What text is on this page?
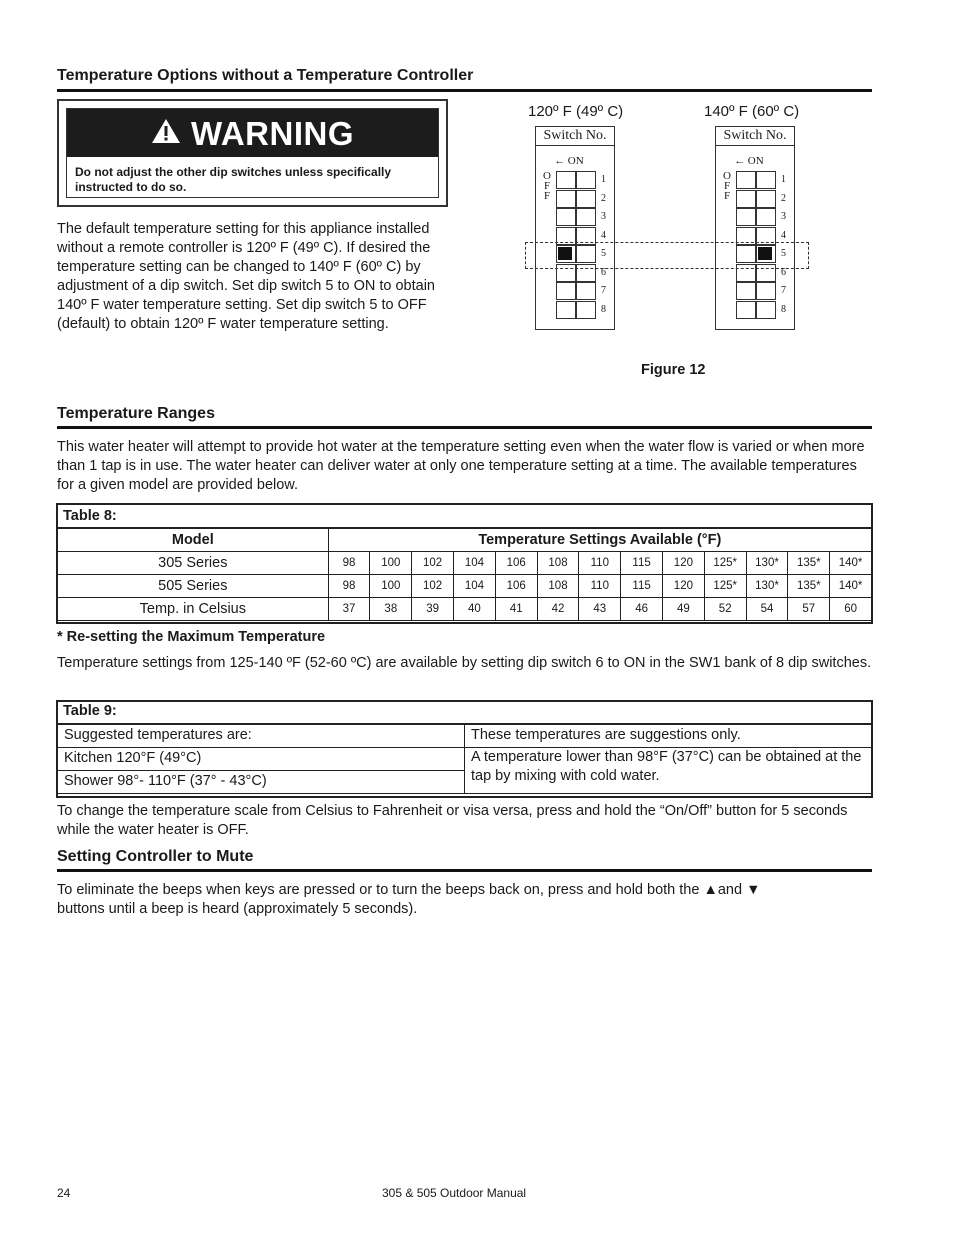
Temperature Options without a Temperature Controller
WARNING
Do not adjust the other dip switches unless specifically instructed to do so.
The default temperature setting for this appliance installed without a remote controller is 120º F (49º C). If desired the temperature setting can be changed to 140º F (60º C) by adjustment of a dip switch. Set dip switch 5 to ON to obtain 140º F water temperature setting. Set dip switch 5 to OFF (default) to obtain 120º F water temperature setting.
120º F (49º C)	140º F (60º C)
Switch No.
→ ON
O
F
F
1
2
3
4
5
6
7
8
Switch No.
→ ON
O
F
F
1
2
3
4
5
6
7
8
Figure 12
Temperature Ranges
This water heater will attempt to provide hot water at the temperature setting even when the water flow is varied or when more than 1 tap is in use. The water heater can deliver water at only one temperature setting at a time. The available temperatures for a given model are provided below.
Table 8:													
Model	Temperature Settings Available (°F)												
305 Series	98	100	102	104	106	108	110	115	120	125*	130*	135*	140*
505 Series	98	100	102	104	106	108	110	115	120	125*	130*	135*	140*
Temp. in Celsius	37	38	39	40	41	42	43	46	49	52	54	57	60
* Re-setting the Maximum Temperature
Temperature settings from 125-140 ºF (52-60 ºC) are available by setting dip switch 6 to ON in the SW1 bank of 8 dip switches.
Table 9:	
Suggested temperatures are:	These temperatures are suggestions only.
Kitchen 120°F (49°C)	A temperature lower than 98°F (37°C) can be obtained at the tap by mixing with cold water.
Shower 98°- 110°F (37° - 43°C)	
To change the temperature scale from Celsius to Fahrenheit or visa versa, press and hold the “On/Off” button for 5 seconds while the water heater is OFF.
Setting Controller to Mute
To eliminate the beeps when keys are pressed or to turn the beeps back on, press and hold both the ▲and ▼
buttons until a beep is heard (approximately 5 seconds).
24	305 & 505 Outdoor Manual
